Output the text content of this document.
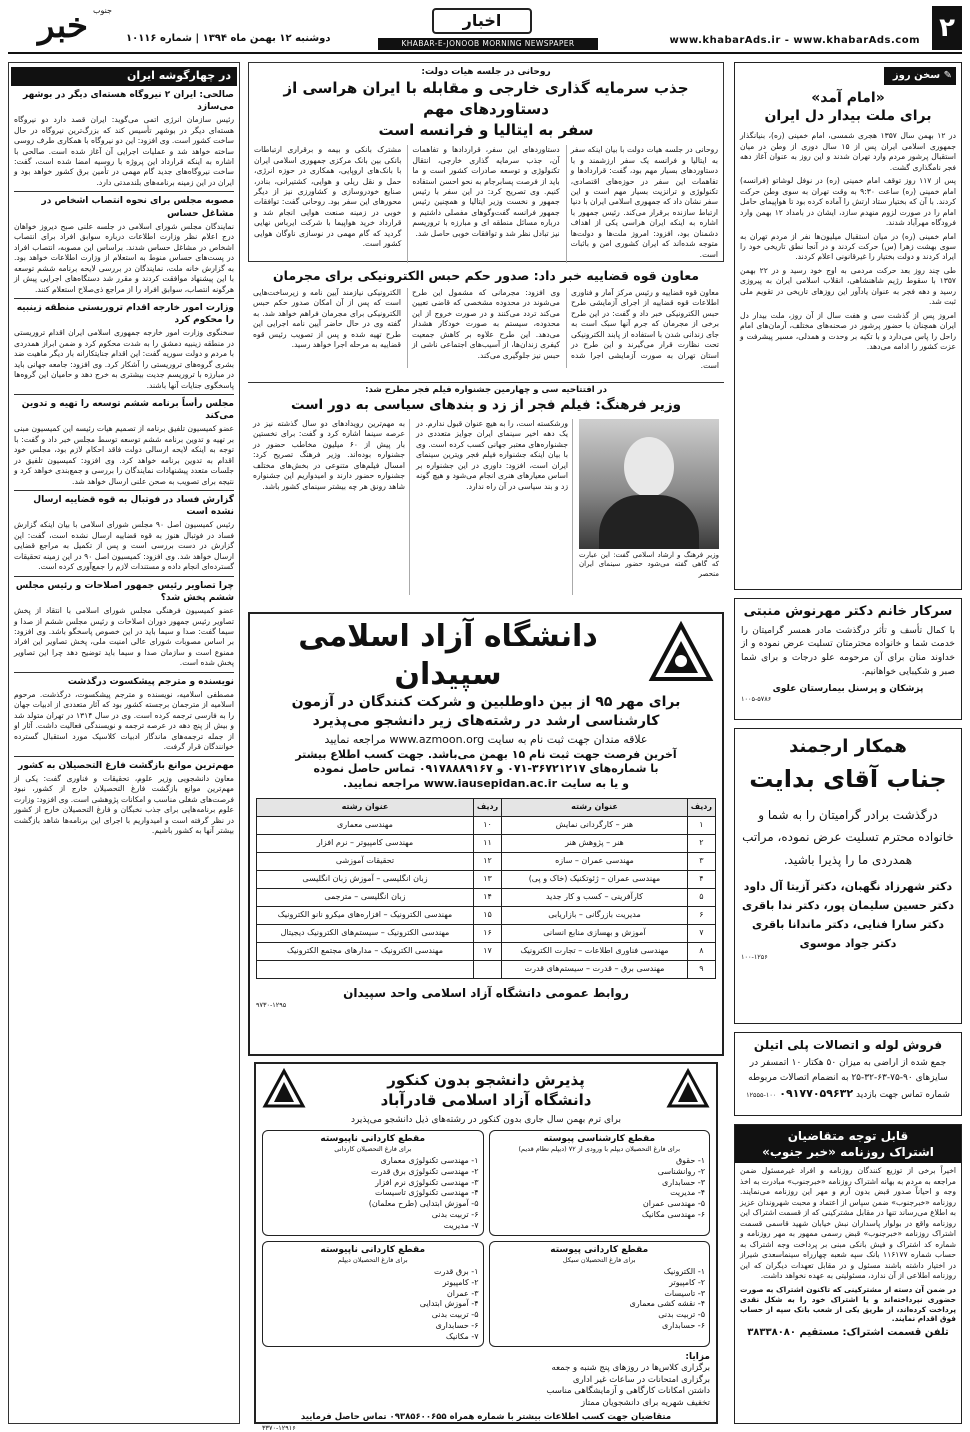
۲
www.khabarAds.ir - www.khabarAds.com
اخبار
دوشنبه ۱۲ بهمن ماه ۱۳۹۴ | شماره ۱۰۱۱۶
خبر جنوب
KHABAR-E-JONOOB MORNING NEWSPAPER
✎ سخن روز
«امام آمد»
برای ملت بیدار دل ایران

در ۱۲ بهمن سال ۱۳۵۷ هجری شمسی، امام خمینی (ره)، بنیانگذار جمهوری اسلامی ایران پس از ۱۵ سال دوری از وطن در میان استقبال پرشور مردم وارد تهران شدند و این روز به عنوان آغاز دهه فجر نامگذاری گشت.

پس از ۱۱۷ روز توقف امام خمینی (ره) در نوفل لوشاتو (فرانسه) امام خمینی (ره) ساعت ۹:۳۰ به وقت تهران به سوی وطن حرکت کردند. با آن که بختیار ستاد ارتش را آماده کرده بود تا هواپیمای حامل امام را در صورت لزوم منهدم سازد، ایشان در بامداد ۱۲ بهمن وارد فرودگاه مهرآباد شدند.

امام خمینی (ره) در میان استقبال میلیون‌ها نفر از مردم تهران به سوی بهشت زهرا (س) حرکت کردند و در آنجا نطق تاریخی خود را ایراد کردند و دولت بختیار را غیرقانونی اعلام کردند.

طی چند روز بعد حرکت مردمی به اوج خود رسید و در ۲۲ بهمن ۱۳۵۷ با سقوط رژیم شاهنشاهی، انقلاب اسلامی ایران به پیروزی رسید و دهه فجر به عنوان یادآور این روزهای تاریخی در تقویم ملی ثبت شد.

امروز پس از گذشت سی و هفت سال از آن روز، ملت بیدار دل ایران همچنان با حضور پرشور در صحنه‌های مختلف، آرمان‌های امام راحل را پاس می‌دارد و با تکیه بر وحدت و همدلی، مسیر پیشرفت و عزت کشور را ادامه می‌دهد.

سرکار خانم دکتر مهرنوش منبتی

با کمال تأسف و تأثر درگذشت مادر همسر گرامیتان را خدمت شما و خانواده محترمتان تسلیت عرض نموده و از خداوند منان برای آن مرحومه علو درجات و برای شما صبر و شکیبایی خواهانیم.

پزشکان و پرسنل بیمارستان علوی
۱۰۰۵-۵۷۸۶
همکار ارجمند
جناب آقای بدایت

درگذشت برادر گرامیتان را به شما و خانواده محترم تسلیت عرض نموده، مراتب همدردی ما را پذیرا باشید.

دکتر شهرزاد نگهبان، دکتر آزیتا آل داود
دکتر حسین سلیمان پور، دکتر ندا باقری
دکتر سارا فنایی، دکتر ماندانا باقری
دکتر جواد موسوی
۱۰۰-۱۲۵۶
فروش لوله و اتصالات پلی اتیلن

جمع شده از اراضی به میزان ۵۰ هکتار ۱۰ اتمسفر در سایزهای ۹۰-۷۵-۶۳-۳۲-۲۵ به انضمام اتصالات مربوطه

شماره تماس جهت بازدید ۰۹۱۷۷۰۵۹۶۳۲ ۱۰۰-۱۲۵۵۵
قابل توجه متقاضیان
اشتراک روزنامه «خبر جنوب»

اخیراً برخی از توزیع کنندگان روزنامه و افراد غیرمسئول ضمن مراجعه به مردم به بهانه اشتراک روزنامه «خبرجنوب» مبادرت به اخذ وجه و احیاناً صدور قبض بدون آرم و مهر این روزنامه می‌نمایند. روزنامه «خبرجنوب» ضمن سپاس از اعتماد و محبت شهروندان عزیز به اطلاع می‌رساند تنها در مقابل مشترکینی که از قسمت اشتراک این روزنامه واقع در بولوار پاسداران نبش خیابان شهید قاسمی قسمت اشتراک روزنامه «خبرجنوب» قبض رسمی ممهور به مهر روزنامه و شماره کد اشتراک و فیش بانکی مبنی بر پرداخت وجه اشتراک به حساب شماره ۱۱۶۱۷۷ بانک سپه شعبه چهارراه سینماسعدی شیراز در اختیار داشته باشند مسئول و در مقابل تعهدات دیگران که این روزنامه اطلاعی از آن ندارد، مسئولیتی به عهده نخواهد داشت.

در ضمن آن دسته از مشترکینی که تاکنون اشتراک به صورت حضوری نپرداخته‌اند و یا اشتراک خود را به شکل نقدی پرداخت کرده‌اند، از طریق یکی از شعب بانک سپه از حساب فوق اقدام نمایند.

تلفن قسمت اشتراک: مستقیم ۳۸۳۳۸۰۸۰
روحانی در جلسه هیات دولت:
جذب سرمایه گذاری خارجی و مقابله با ایران هراسی از دستاوردهای مهم
سفر به ایتالیا و فرانسه است

روحانی در جلسه هیات دولت با بیان اینکه سفر به ایتالیا و فرانسه یک سفر ارزشمند و با دستاوردهای بسیار مهم بود، گفت: قراردادها و تفاهمات این سفر در حوزه‌های اقتصادی، تکنولوژی و ترانزیت بسیار مهم است و این سفر نشان داد که جمهوری اسلامی ایران با دنیا ارتباط سازنده برقرار می‌کند. رئیس جمهور با اشاره به اینکه ایران هراسی یکی از اهداف دشمنان بود، افزود: امروز ملت‌ها و دولت‌ها متوجه شده‌اند که ایران کشوری امن و باثبات است.

دستاوردهای این سفر، قراردادها و تفاهمات آن، جذب سرمایه گذاری خارجی، انتقال تکنولوژی و توسعه صادرات کشور است و ما باید از فرصت پسابرجام به نحو احسن استفاده کنیم. وی تصریح کرد: در این سفر با رئیس جمهور و نخست وزیر ایتالیا و همچنین رئیس جمهور فرانسه گفت‌وگوهای مفصلی داشتیم و درباره مسائل منطقه ای و مبارزه با تروریسم نیز تبادل نظر شد و توافقات خوبی حاصل شد.

مشترک بانکی و بیمه و برقراری ارتباطات بانکی بین بانک مرکزی جمهوری اسلامی ایران با بانک‌های اروپایی، همکاری در حوزه انرژی، حمل و نقل ریلی و هوایی، کشتیرانی، بنادر، صنایع خودروسازی و کشاورزی نیز از دیگر محورهای این سفر بود. روحانی گفت: توافقات خوبی در زمینه صنعت هوایی انجام شد و قرارداد خرید هواپیما با شرکت ایرباس نهایی گردید که گام مهمی در نوسازی ناوگان هوایی کشور است.

معاون قوه قضاییه خبر داد: صدور حکم حبس الکترونیکی برای مجرمان

معاون قوه قضاییه و رئیس مرکز آمار و فناوری اطلاعات قوه قضاییه از اجرای آزمایشی طرح حبس الکترونیکی خبر داد و گفت: در این طرح برخی از مجرمان که جرم آنها سبک است به جای زندانی شدن با استفاده از پابند الکترونیکی تحت نظارت قرار می‌گیرند و این طرح در استان تهران به صورت آزمایشی اجرا شده است.

وی افزود: مجرمانی که مشمول این طرح می‌شوند در محدوده مشخصی که قاضی تعیین می‌کند تردد می‌کنند و در صورت خروج از این محدوده، سیستم به صورت خودکار هشدار می‌دهد. این طرح علاوه بر کاهش جمعیت کیفری زندان‌ها، از آسیب‌های اجتماعی ناشی از حبس نیز جلوگیری می‌کند.

الکترونیکی نیازمند آیین نامه و زیرساخت‌هایی است که پس از آن امکان صدور حکم حبس الکترونیکی برای مجرمان فراهم خواهد شد. به گفته وی در حال حاضر آیین نامه اجرایی این طرح تهیه شده و پس از تصویب رئیس قوه قضاییه به مرحله اجرا خواهد رسید.

در افتتاحیه سی و چهارمین جشنواره فیلم فجر مطرح شد:
وزیر فرهنگ: فیلم فجر از زد و بندهای سیاسی به دور است

وزیر فرهنگ و ارشاد اسلامی گفت: این عبارت که گاهی گفته می‌شود حضور سینمای ایران منحصر

ورشکسته است، را به هیچ عنوان قبول ندارم. در یک دهه اخیر سینمای ایران جوایز متعددی در جشنواره‌های معتبر جهانی کسب کرده است. وی با بیان اینکه جشنواره فیلم فجر ویترین سینمای ایران است، افزود: داوری در این جشنواره بر اساس معیارهای هنری انجام می‌شود و هیچ گونه زد و بند سیاسی در آن راه ندارد.

به مهم‌ترین رویدادهای دو سال گذشته نیز در عرصه سینما اشاره کرد و گفت: برای نخستین بار پیش از ۶۰ میلیون مخاطب حضور در جشنواره بوده‌اند. وزیر فرهنگ تصریح کرد: امسال فیلم‌های متنوعی در بخش‌های مختلف جشنواره حضور دارند و امیدواریم این جشنواره شاهد رونق هر چه بیشتر سینمای کشور باشد.

دانشگاه آزاد اسلامی سپیدان
برای مهر ۹۵ از بین داوطلبین و شرکت کنندگان در آزمون
کارشناسی ارشد در رشته‌های زیر دانشجو می‌پذیرد
علاقه مندان جهت ثبت نام به سایت www.azmoon.org مراجعه نمایید
آخرین فرصت جهت ثبت نام ۱۵ بهمن می‌باشد. جهت کسب اطلاع بیشتر
با شماره‌های ۳۶۷۲۱۲۱۷-۰۷۱ و ۰۹۱۷۸۸۸۹۱۶۷ تماس حاصل نموده
و یا به سایت www.iausepidan.ac.ir مراجعه نمایید.
ردیف	عنوان رشته	ردیف	عنوان رشته
۱	هنر – کارگردانی نمایش	۱۰	مهندسی معماری
۲	هنر – پژوهش هنر	۱۱	مهندسی کامپیوتر – نرم افزار
۳	مهندسی عمران – سازه	۱۲	تحقیقات آموزشی
۴	مهندسی عمران – ژئوتکنیک (خاک و پی)	۱۳	زبان انگلیسی – آموزش زبان انگلیسی
۵	کارآفرینی – کسب و کار جدید	۱۴	زبان انگلیسی – مترجمی
۶	مدیریت بازرگانی – بازاریابی	۱۵	مهندسی الکترونیک – افزاره‌های میکرو نانو الکترونیک
۷	آموزش و بهسازی منابع انسانی	۱۶	مهندسی الکترونیک – سیستم‌های الکترونیک دیجیتال
۸	مهندسی فناوری اطلاعات – تجارت الکترونیک	۱۷	مهندسی الکترونیک – مدارهای مجتمع الکترونیک
۹	مهندسی برق – قدرت – سیستم‌های قدرت		
روابط عمومی دانشگاه آزاد اسلامی واحد سپیدان
۹۷۳۰-۱۲۹۵
پذیرش دانشجو بدون کنکور
دانشگاه آزاد اسلامی قادرآباد
برای ترم بهمن سال جاری بدون کنکور در رشته‌های ذیل دانشجو می‌پذیرد
مقطع کارشناسی پیوسته
برای فارغ التحصیلان دیپلم با ورودی از ۷۲ (دیپلم نظام قدیم)
۱- حقوق
۲- روانشناسی
۳- حسابداری
۴- مدیریت
۵- مهندسی عمران
۶- مهندسی مکانیک
مقطع کاردانی ناپیوسته
برای فارغ التحصیلان کاردانی
۱- مهندسی تکنولوژی معماری
۲- مهندسی تکنولوژی برق قدرت
۳- مهندسی تکنولوژی نرم افزار
۴- مهندسی تکنولوژی تاسیسات
۵- آموزش ابتدایی (طرح معلمان)
۶- تربیت بدنی
۷- مدیریت
مقطع کاردانی پیوسته
برای فارغ التحصیلان سیکل
۱- الکترونیک
۲- کامپیوتر
۳- تاسیسات
۴- نقشه کشی معماری
۵- تربیت بدنی
۶- حسابداری
مقطع کاردانی ناپیوسته
برای فارغ التحصیلان دیپلم
۱- برق قدرت
۲- کامپیوتر
۳- عمران
۴- آموزش ابتدایی
۵- تربیت بدنی
۶- حسابداری
۷- مکانیک
مزایا:
برگزاری کلاس‌ها در روزهای پنج شنبه و جمعه
برگزاری امتحانات در ساعات غیر اداری
داشتن امکانات کارگاهی و آزمایشگاهی مناسب
تخفیف شهریه برای دانشجویان ممتاز
متقاضیان جهت کسب اطلاعات بیشتر با شماره همراه ۰۹۳۸۵۶۰۰۶۵۵ تماس حاصل فرمایید
۳۳۷۰-۱۲۹۱۶
در چهارگوشه ایران
صالحی: ایران ۲ نیروگاه هسته‌ای دیگر در بوشهر می‌سازد

رئیس سازمان انرژی اتمی می‌گوید: ایران قصد دارد دو نیروگاه هسته‌ای دیگر در بوشهر تأسیس کند که بزرگ‌ترین نیروگاه در حال ساخت کشور است. وی افزود: این دو نیروگاه با همکاری طرف روسی ساخته خواهد شد و عملیات اجرایی آن آغاز شده است. صالحی با اشاره به اینکه قرارداد این پروژه با روسیه امضا شده است، گفت: ساخت نیروگاه‌های جدید گام مهمی در تأمین برق کشور خواهد بود و ایران در این زمینه برنامه‌های بلندمدتی دارد.

مصوبه مجلس برای نحوه انتصاب اشخاص در مشاغل حساس

نمایندگان مجلس شورای اسلامی در جلسه علنی صبح دیروز خواهان درج اعلام نظر وزارت اطلاعات درباره سوابق افراد برای انتصاب اشخاص در مشاغل حساس شدند. براساس این مصوبه، انتصاب افراد در پست‌های حساس منوط به استعلام از وزارت اطلاعات خواهد بود. به گزارش خانه ملت، نمایندگان در بررسی لایحه برنامه ششم توسعه با این پیشنهاد موافقت کردند و مقرر شد دستگاه‌های اجرایی پیش از هرگونه انتصاب، سوابق افراد را از مراجع ذی‌صلاح استعلام کنند.

وزارت امور خارجه اقدام تروریستی منطقه زینبیه را محکوم کرد

سخنگوی وزارت امور خارجه جمهوری اسلامی ایران اقدام تروریستی در منطقه زینبیه دمشق را به شدت محکوم کرد و ضمن ابراز همدردی با مردم و دولت سوریه گفت: این اقدام جنایتکارانه بار دیگر ماهیت ضد بشری گروه‌های تروریستی را آشکار کرد. وی افزود: جامعه جهانی باید در مبارزه با تروریسم جدیت بیشتری به خرج دهد و حامیان این گروه‌ها پاسخگوی جنایات آنها باشند.

مجلس رأساً برنامه ششم توسعه را تهیه و تدوین می‌کند

عضو کمیسیون تلفیق برنامه از تصمیم هیات رئیسه این کمیسیون مبنی بر تهیه و تدوین برنامه ششم توسعه توسط مجلس خبر داد و گفت: با توجه به اینکه لایحه ارسالی دولت فاقد احکام لازم بود، مجلس خود اقدام به تدوین برنامه خواهد کرد. وی افزود: کمیسیون تلفیق در جلسات متعدد پیشنهادات نمایندگان را بررسی و جمع‌بندی خواهد کرد و نتیجه برای تصویب به صحن علنی ارسال خواهد شد.

گزارش فساد در فوتبال به قوه قضاییه ارسال نشده است

رئیس کمیسیون اصل ۹۰ مجلس شورای اسلامی با بیان اینکه گزارش فساد در فوتبال هنوز به قوه قضاییه ارسال نشده است، گفت: این گزارش در دست بررسی است و پس از تکمیل به مراجع قضایی ارسال خواهد شد. وی افزود: کمیسیون اصل ۹۰ در این زمینه تحقیقات گسترده‌ای انجام داده و مستندات لازم را جمع‌آوری کرده است.

چرا تصاویر رئیس جمهور اصلاحات و رئیس مجلس ششم پخش شد؟

عضو کمیسیون فرهنگی مجلس شورای اسلامی با انتقاد از پخش تصاویر رئیس جمهور دوران اصلاحات و رئیس مجلس ششم از صدا و سیما گفت: صدا و سیما باید در این خصوص پاسخگو باشد. وی افزود: بر اساس مصوبات شورای عالی امنیت ملی، پخش تصاویر این افراد ممنوع است و سازمان صدا و سیما باید توضیح دهد چرا این تصاویر پخش شده است.

نویسنده و مترجم پیشکسوت درگذشت

مصطفی اسلامیه، نویسنده و مترجم پیشکسوت، درگذشت. مرحوم اسلامیه از مترجمان برجسته کشور بود که آثار متعددی از ادبیات جهان را به فارسی ترجمه کرده است. وی در سال ۱۳۱۴ در تهران متولد شد و بیش از پنج دهه در عرصه ترجمه و نویسندگی فعالیت داشت. آثار او از جمله ترجمه‌های ماندگار ادبیات کلاسیک مورد استقبال گسترده خوانندگان قرار گرفت.

مهم‌ترین موانع بازگشت فارغ التحصیلان به کشور

معاون دانشجویی وزیر علوم، تحقیقات و فناوری گفت: یکی از مهم‌ترین موانع بازگشت فارغ التحصیلان خارج از کشور، نبود فرصت‌های شغلی مناسب و امکانات پژوهشی است. وی افزود: وزارت علوم برنامه‌هایی برای جذب نخبگان و فارغ التحصیلان خارج از کشور در نظر گرفته است و امیدواریم با اجرای این برنامه‌ها شاهد بازگشت بیشتر آنها به کشور باشیم.
